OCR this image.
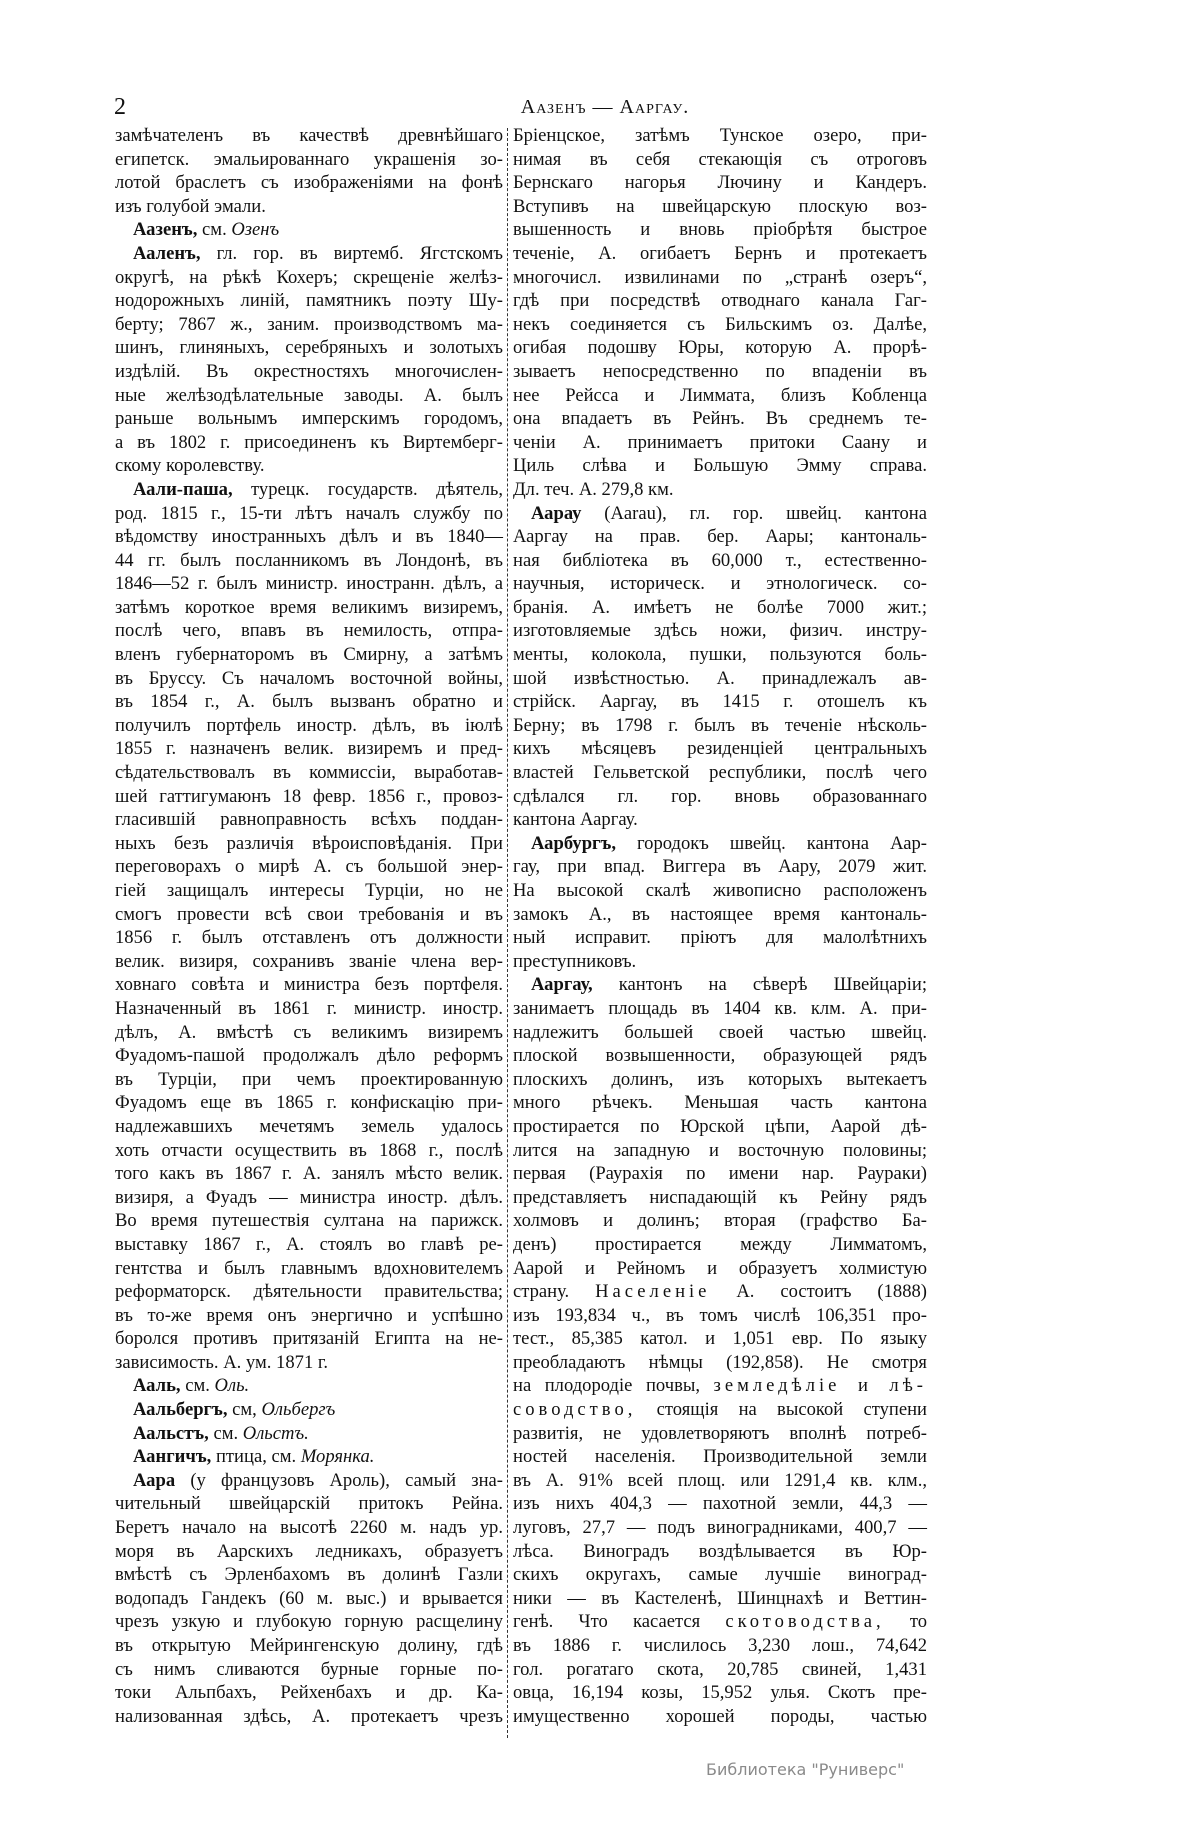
2	Аазенъ — Ааргау.
замѣчателенъ въ качествѣ древнѣйшаго
египетск. эмальированнаго украшенія зо-
лотой браслетъ съ изображеніями на фонѣ
изъ голубой эмали.
Аазенъ, см. Озенъ
Ааленъ, гл. гор. въ виртемб. Ягстскомъ
округѣ, на рѣкѣ Кохеръ; скрещеніе желѣз-
нодорожныхъ линій, памятникъ поэту Шу-
берту; 7867 ж., заним. производствомъ ма-
шинъ, глиняныхъ, серебряныхъ и золотыхъ
издѣлій. Въ окрестностяхъ многочислен-
ные желѣзодѣлательные заводы. А. былъ
раньше вольнымъ имперскимъ городомъ,
а въ 1802 г. присоединенъ къ Виртемберг-
скому королевству.
Аали-паша, турецк. государств. дѣятель,
род. 1815 г., 15-ти лѣтъ началъ службу по
вѣдомству иностранныхъ дѣлъ и въ 1840—
44 гг. былъ посланникомъ въ Лондонѣ, въ
1846—52 г. былъ министр. иностранн. дѣлъ, а
затѣмъ короткое время великимъ визиремъ,
послѣ чего, впавъ въ немилость, отпра-
вленъ губернаторомъ въ Смирну, а затѣмъ
въ Бруссу. Съ началомъ восточной войны,
въ 1854 г., А. былъ вызванъ обратно и
получилъ портфель иностр. дѣлъ, въ іюлѣ
1855 г. назначенъ велик. визиремъ и пред-
сѣдательствовалъ въ коммиссіи, выработав-
шей гаттигумаюнъ 18 февр. 1856 г., провоз-
гласившій равноправность всѣхъ поддан-
ныхъ безъ различія вѣроисповѣданія. При
переговорахъ о мирѣ А. съ большой энер-
гіей защищалъ интересы Турціи, но не
смогъ провести всѣ свои требованія и въ
1856 г. былъ отставленъ отъ должности
велик. визиря, сохранивъ званіе члена вер-
ховнаго совѣта и министра безъ портфеля.
Назначенный въ 1861 г. министр. иностр.
дѣлъ, А. вмѣстѣ съ великимъ визиремъ
Фуадомъ-пашой продолжалъ дѣло реформъ
въ Турціи, при чемъ проектированную
Фуадомъ еще въ 1865 г. конфискацію при-
надлежавшихъ мечетямъ земель удалось
хоть отчасти осуществить въ 1868 г., послѣ
того какъ въ 1867 г. А. занялъ мѣсто велик.
визиря, а Фуадъ — министра иностр. дѣлъ.
Во время путешествія султана на парижск.
выставку 1867 г., А. стоялъ во главѣ ре-
гентства и былъ главнымъ вдохновителемъ
реформаторск. дѣятельности правительства;
въ то-же время онъ энергично и успѣшно
боролся противъ притязаній Египта на не-
зависимость. А. ум. 1871 г.
Ааль, см. Оль.
Аальбергъ, см, Ольбергъ
Аальстъ, см. Ольстъ.
Аангичъ, птица, см. Морянка.
Аара (у французовъ Ароль), самый зна-
чительный швейцарскій притокъ Рейна.
Беретъ начало на высотѣ 2260 м. надъ ур.
моря въ Аарскихъ ледникахъ, образуетъ
вмѣстѣ съ Эрленбахомъ въ долинѣ Газли
водопадъ Гандекъ (60 м. выс.) и врывается
чрезъ узкую и глубокую горную расщелину
въ открытую Мейрингенскую долину, гдѣ
съ нимъ сливаются бурные горные по-
токи Альпбахъ, Рейхенбахъ и др. Ка-
нализованная здѣсь, А. протекаетъ чрезъ
Бріенцское, затѣмъ Тунское озеро, при-
нимая въ себя стекающія съ отроговъ
Бернскаго нагорья Лючину и Кандеръ.
Вступивъ на швейцарскую плоскую воз-
вышенность и вновь пріобрѣтя быстрое
теченіе, А. огибаетъ Бернъ и протекаетъ
многочисл. извилинами по „странѣ озеръ“,
гдѣ при посредствѣ отводнаго канала Гаг-
некъ соединяется съ Бильскимъ оз. Далѣе,
огибая подошву Юры, которую А. прорѣ-
зываетъ непосредственно по впаденіи въ
нее Рейсса и Лиммата, близъ Кобленца
она впадаетъ въ Рейнъ. Въ среднемъ те-
ченіи А. принимаетъ притоки Саану и
Циль слѣва и Большую Эмму справа.
Дл. теч. А. 279,8 км.
Аарау (Aarau), гл. гор. швейц. кантона
Ааргау на прав. бер. Аары; кантональ-
ная библіотека въ 60,000 т., естественно-
научныя, историческ. и этнологическ. со-
бранія. А. имѣетъ не болѣе 7000 жит.;
изготовляемые здѣсь ножи, физич. инстру-
менты, колокола, пушки, пользуются боль-
шой извѣстностью. А. принадлежалъ ав-
стрійск. Ааргау, въ 1415 г. отошелъ къ
Берну; въ 1798 г. былъ въ теченіе нѣсколь-
кихъ мѣсяцевъ резиденціей центральныхъ
властей Гельветской республики, послѣ чего
сдѣлался гл. гор. вновь образованнаго
кантона Ааргау.
Аарбургъ, городокъ швейц. кантона Аар-
гау, при впад. Виггера въ Аару, 2079 жит.
На высокой скалѣ живописно расположенъ
замокъ А., въ настоящее время кантональ-
ный исправит. пріютъ для малолѣтнихъ
преступниковъ.
Ааргау, кантонъ на сѣверѣ Швейцаріи;
занимаетъ площадь въ 1404 кв. клм. А. при-
надлежитъ большей своей частью швейц.
плоской возвышенности, образующей рядъ
плоскихъ долинъ, изъ которыхъ вытекаетъ
много рѣчекъ. Меньшая часть кантона
простирается по Юрской цѣпи, Аарой дѣ-
лится на западную и восточную половины;
первая (Раурахія по имени нар. Раураки)
представляетъ ниспадающій къ Рейну рядъ
холмовъ и долинъ; вторая (графство Ба-
денъ) простирается между Лимматомъ,
Аарой и Рейномъ и образуетъ холмистую
страну. Населеніе А. состоитъ (1888)
изъ 193,834 ч., въ томъ числѣ 106,351 про-
тест., 85,385 катол. и 1,051 евр. По языку
преобладаютъ нѣмцы (192,858). Не смотря
на плодородіе почвы, земледѣліе и лѣ-
соводство, стоящія на высокой ступени
развитія, не удовлетворяютъ вполнѣ потреб-
ностей населенія. Производительной земли
въ А. 91% всей площ. или 1291,4 кв. клм.,
изъ нихъ 404,3 — пахотной земли, 44,3 —
луговъ, 27,7 — подъ виноградниками, 400,7 —
лѣса. Виноградъ воздѣлывается въ Юр-
скихъ округахъ, самые лучшіе виноград-
ники — въ Кастеленѣ, Шинцнахѣ и Веттин-
генѣ. Что касается скотоводства, то
въ 1886 г. числилось 3,230 лош., 74,642
гол. рогатаго скота, 20,785 свиней, 1,431
овца, 16,194 козы, 15,952 улья. Скотъ пре-
имущественно хорошей породы, частью
Библиотека "Руниверс"
